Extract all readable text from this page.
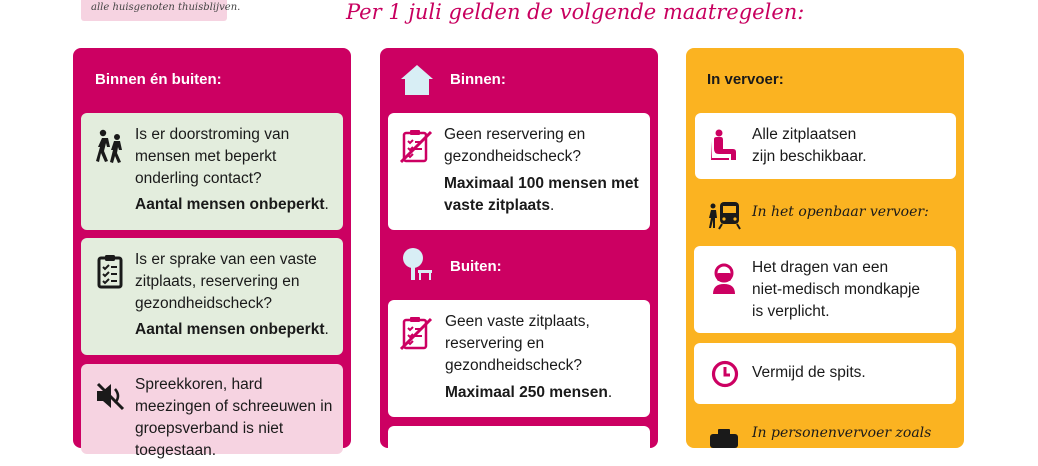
alle huisgenoten thuisblijven.	Per 1 juli gelden de volgende maatregelen:
Binnen én buiten:

Is er doorstroming van mensen met beperkt onderling contact?

Aantal mensen onbeperkt.

Is er sprake van een vaste zitplaats, reservering en gezondheidscheck?

Aantal mensen onbeperkt.

Spreekkoren, hard meezingen of schreeuwen in groepsverband is niet toegestaan.
Binnen:

Geen reservering en gezondheidscheck?

Maximaal 100 mensen met vaste zitplaats.

Buiten:

Geen vaste zitplaats, reservering en gezondheidscheck?

Maximaal 250 mensen.

In vervoer:

Alle zitplaatsen

zijn beschikbaar.

In het openbaar vervoer:

Het dragen van een

niet-medisch mondkapje

is verplicht.

Vermijd de spits.
In personenvervoer zoals
